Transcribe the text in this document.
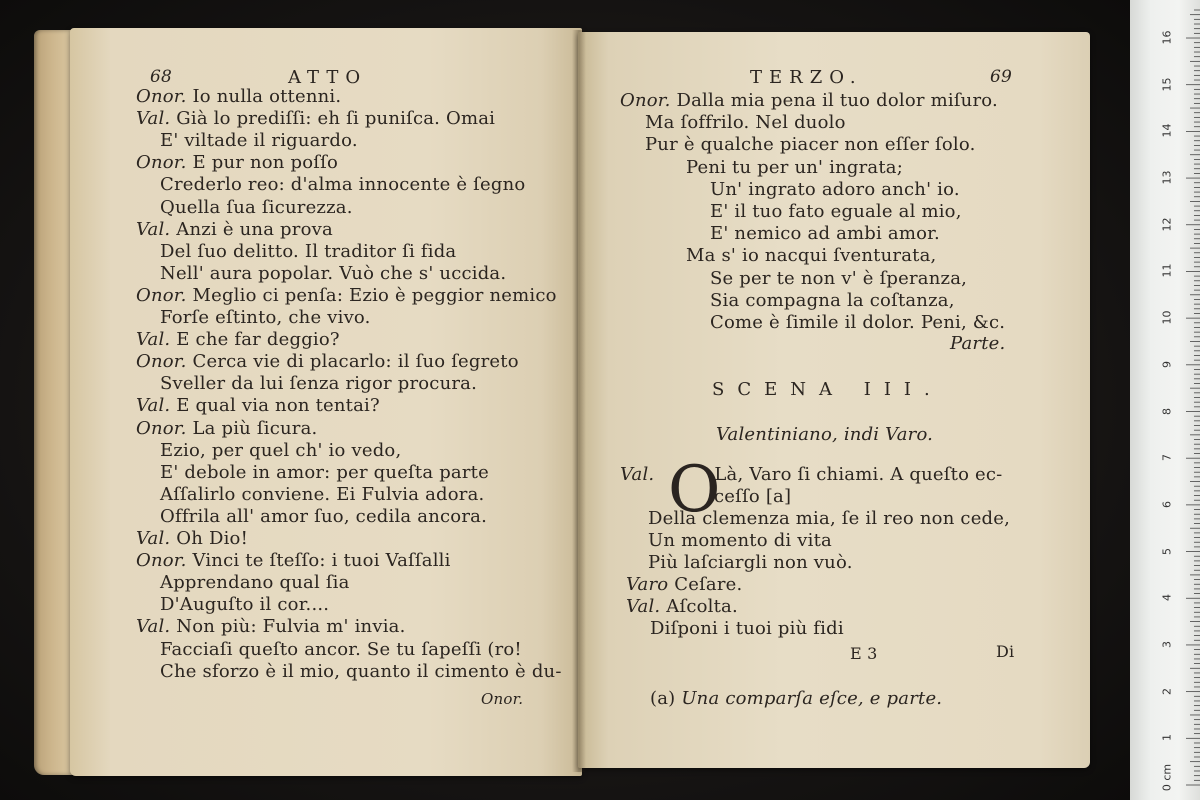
68	ATTO
Onor. Io nulla ottenni.
Val. Già lo prediſſi: eh ſi puniſca. Omai
E' viltade il riguardo.
Onor. E pur non poſſo
Crederlo reo: d'alma innocente è ſegno
Quella ſua ſicurezza.
Val. Anzi è una prova
Del ſuo delitto. Il traditor ſi fida
Nell' aura popolar. Vuò che s' uccida.
Onor. Meglio ci penſa: Ezio è peggior nemico
Forſe eſtinto, che vivo.
Val. E che far deggio?
Onor. Cerca vie di placarlo: il ſuo ſegreto
Sveller da lui ſenza rigor procura.
Val. E qual via non tentai?
Onor. La più ſicura.
Ezio, per quel ch' io vedo,
E' debole in amor: per queſta parte
Aſſalirlo conviene. Ei Fulvia adora.
Offrila all' amor ſuo, cedila ancora.
Val. Oh Dio!
Onor. Vinci te ſteſſo: i tuoi Vaſſalli
Apprendano qual ſia
D'Auguſto il cor....
Val. Non più: Fulvia m' invia.
Facciaſi queſto ancor. Se tu ſapeſſi (ro!
Che sforzo è il mio, quanto il cimento è du-
Onor.
TERZO.	69
Onor. Dalla mia pena il tuo dolor miſuro.
Ma ſoffrilo. Nel duolo
Pur è qualche piacer non eſſer ſolo.
Peni tu per un' ingrata;
Un' ingrato adoro anch' io.
E' il tuo fato eguale al mio,
E' nemico ad ambi amor.
Ma s' io nacqui ſventurata,
Se per te non v' è ſperanza,
Sia compagna la coſtanza,
Come è ſimile il dolor. Peni, &c.
Parte.
SCENA III.
Valentiniano, indi Varo.
O
Val.	Là, Varo ſi chiami. A queſto ec-
ceſſo [a]
Della clemenza mia, ſe il reo non cede,
Un momento di vita
Più laſciargli non vuò.
Varo Ceſare.
Val. Aſcolta.
Diſponi i tuoi più fidi
E 3	Di
(a) Una comparſa eſce, e parte.
1
2
3
4
5
6
7
8
9
10
11
12
13
14
15
16
0 cm
